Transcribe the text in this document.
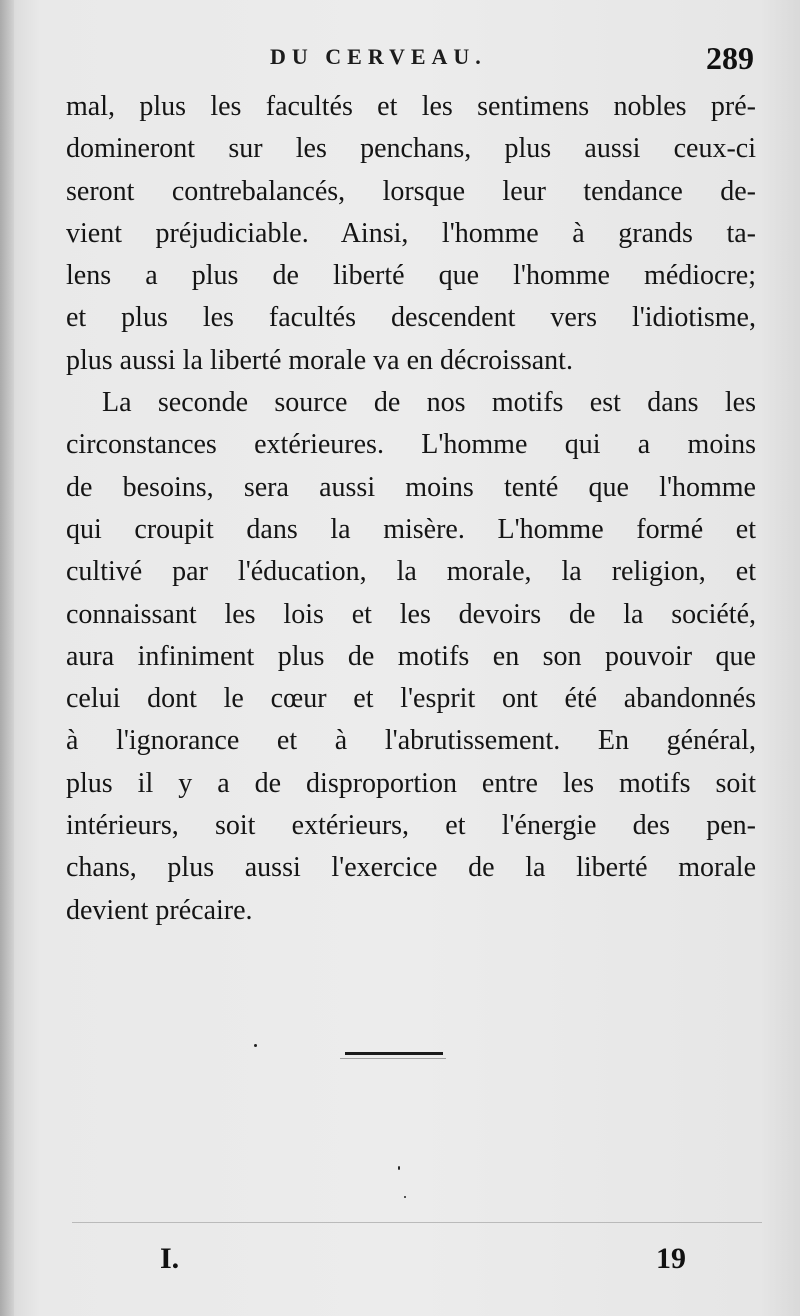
DU CERVEAU.	289
mal, plus les facultés et les sentimens nobles pré-
domineront sur les penchans, plus aussi ceux-ci
seront contrebalancés, lorsque leur tendance de-
vient préjudiciable. Ainsi, l'homme à grands ta-
lens a plus de liberté que l'homme médiocre;
et plus les facultés descendent vers l'idiotisme,
plus aussi la liberté morale va en décroissant.
La seconde source de nos motifs est dans les
circonstances extérieures. L'homme qui a moins
de besoins, sera aussi moins tenté que l'homme
qui croupit dans la misère. L'homme formé et
cultivé par l'éducation, la morale, la religion, et
connaissant les lois et les devoirs de la société,
aura infiniment plus de motifs en son pouvoir que
celui dont le cœur et l'esprit ont été abandonnés
à l'ignorance et à l'abrutissement. En général,
plus il y a de disproportion entre les motifs soit
intérieurs, soit extérieurs, et l'énergie des pen-
chans, plus aussi l'exercice de la liberté morale
devient précaire.
I.	19
